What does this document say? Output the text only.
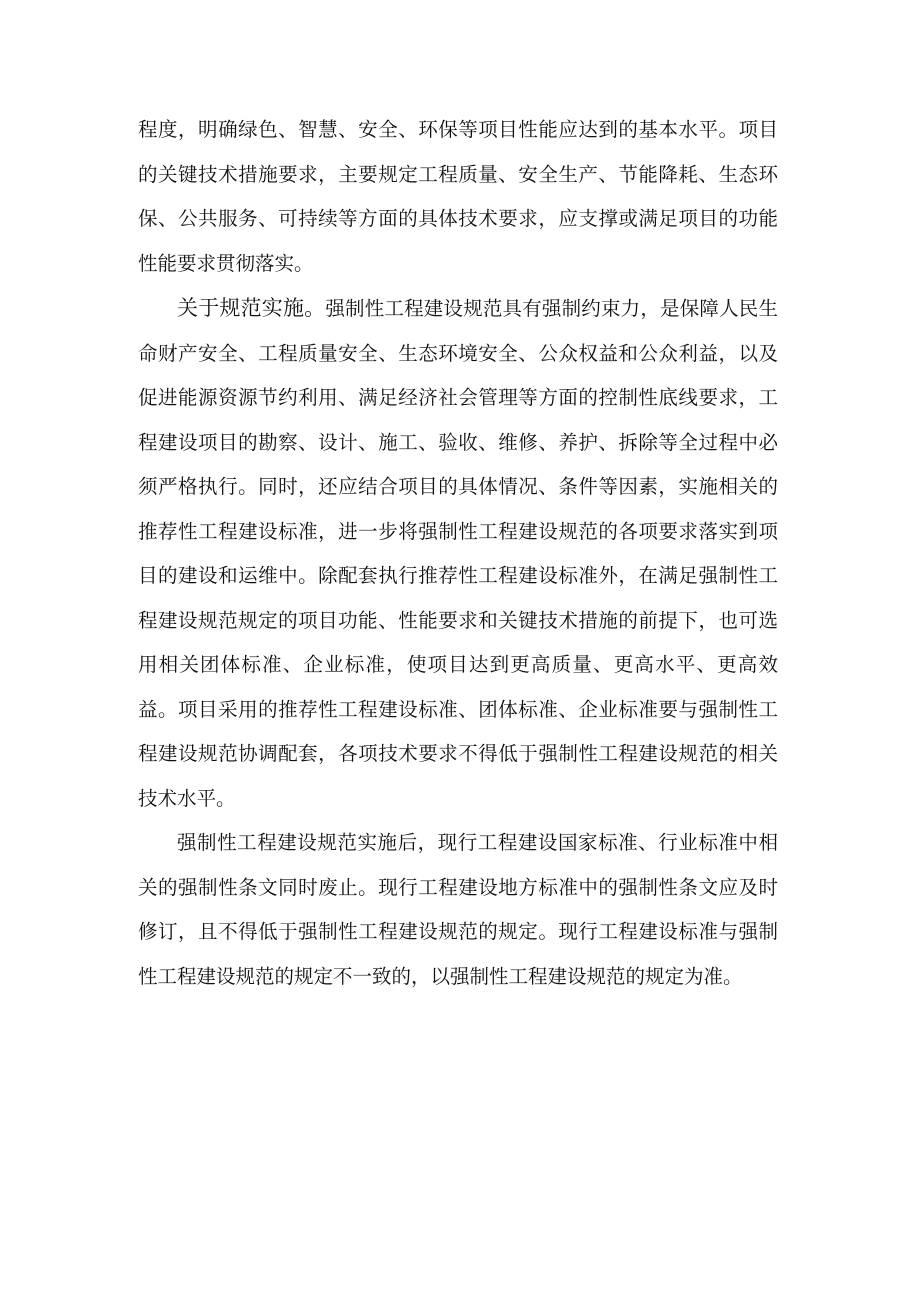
程度，明确绿色、智慧、安全、环保等项目性能应达到的基本水平。项目的关键技术措施要求，主要规定工程质量、安全生产、节能降耗、生态环保、公共服务、可持续等方面的具体技术要求，应支撑或满足项目的功能性能要求贯彻落实。

关于规范实施。强制性工程建设规范具有强制约束力，是保障人民生命财产安全、工程质量安全、生态环境安全、公众权益和公众利益，以及促进能源资源节约利用、满足经济社会管理等方面的控制性底线要求，工程建设项目的勘察、设计、施工、验收、维修、养护、拆除等全过程中必须严格执行。同时，还应结合项目的具体情况、条件等因素，实施相关的推荐性工程建设标准，进一步将强制性工程建设规范的各项要求落实到项目的建设和运维中。除配套执行推荐性工程建设标准外，在满足强制性工程建设规范规定的项目功能、性能要求和关键技术措施的前提下，也可选用相关团体标准、企业标准，使项目达到更高质量、更高水平、更高效益。项目采用的推荐性工程建设标准、团体标准、企业标准要与强制性工程建设规范协调配套，各项技术要求不得低于强制性工程建设规范的相关技术水平。

强制性工程建设规范实施后，现行工程建设国家标准、行业标准中相关的强制性条文同时废止。现行工程建设地方标准中的强制性条文应及时修订，且不得低于强制性工程建设规范的规定。现行工程建设标准与强制性工程建设规范的规定不一致的，以强制性工程建设规范的规定为准。
